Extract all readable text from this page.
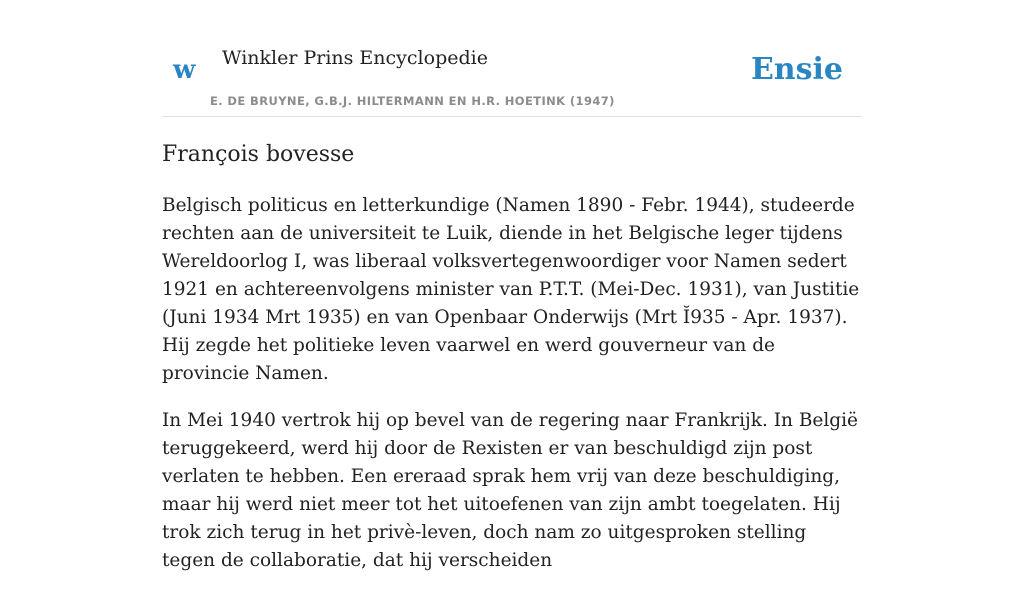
w Winkler Prins Encyclopedie
E. DE BRUYNE, G.B.J. HILTERMANN EN H.R. HOETINK (1947)
Ensie
François bovesse

Belgisch politicus en letterkundige (Namen 1890 - Febr. 1944), studeerde rechten aan de universiteit te Luik, diende in het Belgische leger tijdens Wereldoorlog I, was liberaal volksvertegenwoordiger voor Namen sedert 1921 en achtereenvolgens minister van P.T.T. (Mei-Dec. 1931), van Justitie (Juni 1934 Mrt 1935) en van Openbaar Onderwijs (Mrt Ĭ935 - Apr. 1937). Hij zegde het politieke leven vaarwel en werd gouverneur van de provincie Namen.

In Mei 1940 vertrok hij op bevel van de regering naar Frankrijk. In België teruggekeerd, werd hij door de Rexisten er van beschuldigd zijn post verlaten te hebben. Een ereraad sprak hem vrij van deze beschuldiging, maar hij werd niet meer tot het uitoefenen van zijn ambt toegelaten. Hij trok zich terug in het privè-leven, doch nam zo uitgesproken stelling tegen de collaboratie, dat hij verscheiden
